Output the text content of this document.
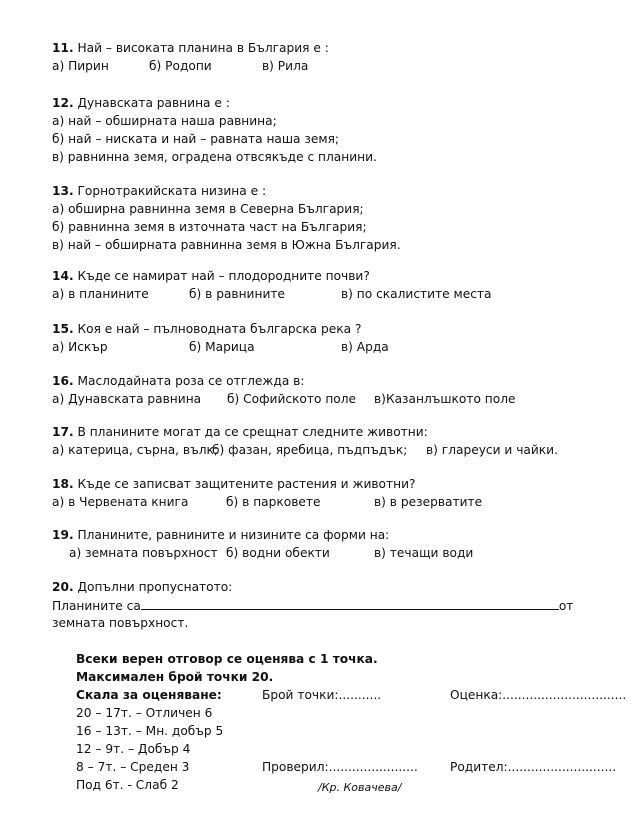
11. Най – високата планина в България е :
а) Пирин	б) Родопи	в) Рила
12. Дунавската равнина е :
а) най – обширната наша равнина;
б) най – ниската и най – равната наша земя;
в) равнинна земя, оградена отвсякъде с планини.
13. Горнотракийската низина е :
а) обширна равнинна земя в Северна България;
б) равнинна земя в източната част на България;
в) най – обширната равнинна земя в Южна България.
14. Къде се намират най – плодородните почви?
а) в планините	б) в равнините	в) по скалистите места
15. Коя е най – пълноводната българска река ?
а) Искър	б) Марица	в) Арда
16. Маслодайната роза се отглежда в:
а) Дунавската равнина б) Софийското поле в)Казанлъшкото поле
17. В планините могат да се срещнат следните животни:
а) катерица, сърна, вълк;
б) фазан, яребица, пъдпъдък; в) глареуси и чайки.
18. Къде се записват защитените растения и животни?
а) в Червената книга	б) в парковете	в) в резерватите
19. Планините, равнините и низините са форми на:
а) земната повърхност б) водни обекти	в) течащи води
20. Допълни пропуснатото:
Планините са	от
земната повърхност.
Всеки верен отговор се оценява с 1 точка.
Максимален брой точки 20.
Скала за оценяване:	Брой точки:...........	Оценка:................................
20 – 17т. – Отличен 6
16 – 13т. – Мн. добър 5
12 – 9т. – Добър 4
8 – 7т. – Среден 3	Проверил:.......................	Родител:............................
Под 6т. - Слаб 2	/Кр. Ковачева/
